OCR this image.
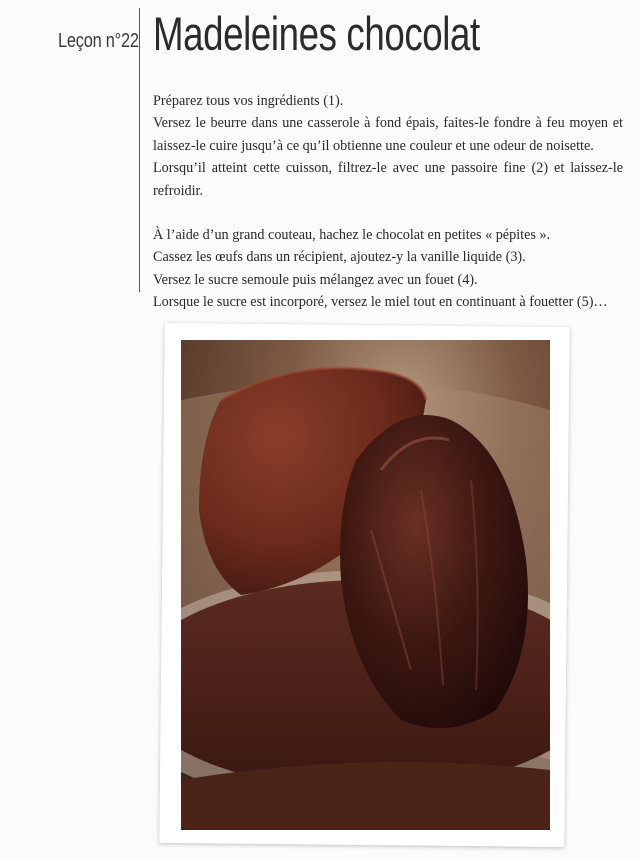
Leçon n°22 Madeleines chocolat

Préparez tous vos ingrédients (1).

Versez le beurre dans une casserole à fond épais, faites-le fondre à feu moyen et laissez-le cuire jusqu’à ce qu’il obtienne une couleur et une odeur de noisette.

Lorsqu’il atteint cette cuisson, filtrez-le avec une passoire fine (2) et laissez-le refroidir.

À l’aide d’un grand couteau, hachez le chocolat en petites « pépites ».

Cassez les œufs dans un récipient, ajoutez-y la vanille liquide (3).

Versez le sucre semoule puis mélangez avec un fouet (4).

Lorsque le sucre est incorporé, versez le miel tout en continuant à fouetter (5)…
